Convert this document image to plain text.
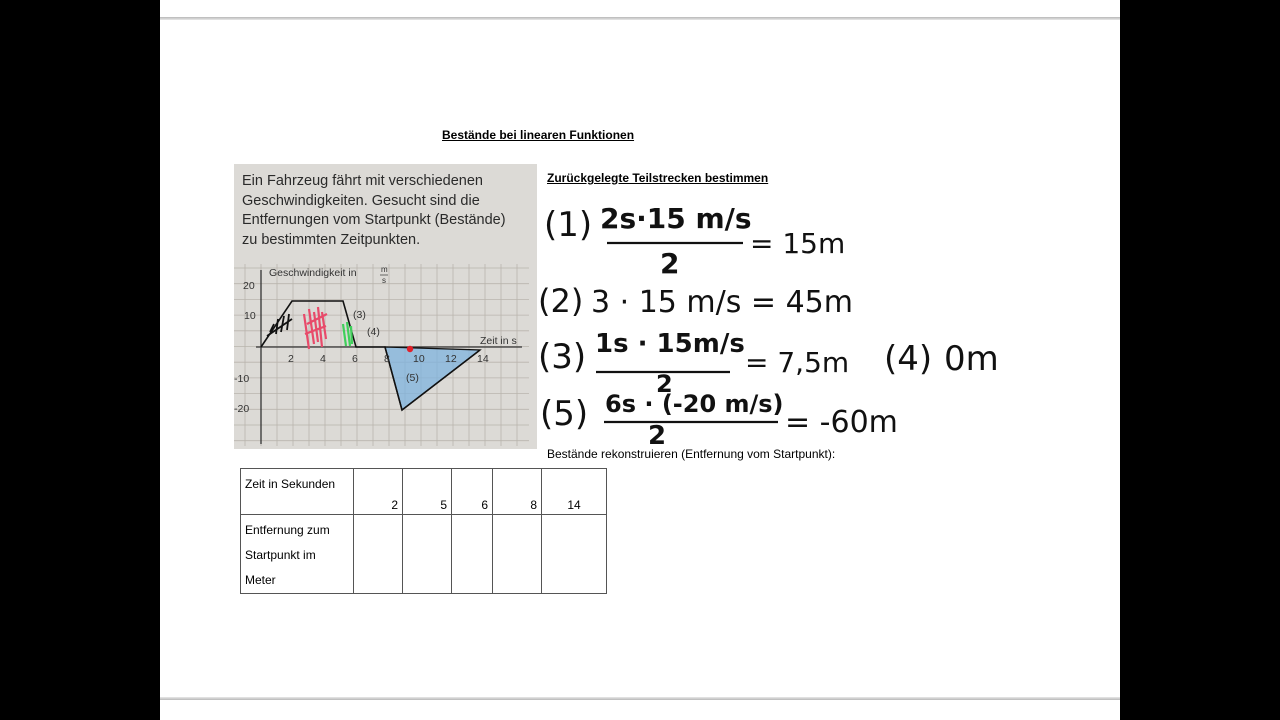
Bestände bei linearen Funktionen
Ein Fahrzeug fährt mit verschiedenen
Geschwindigkeiten. Gesucht sind die
Entfernungen vom Startpunkt (Bestände)
zu bestimmten Zeitpunkten.
Geschwindigkeit in	m
s
Zeit in s
20
10
-10
-20
2 4 6 8 10 12 14
(3)
(4)
(5)
Zurückgelegte Teilstrecken bestimmen
(1) 2s·15 m/s
2
= 15m
(2) 3 · 15 m/s = 45m
(3) 1s · 15m/s
2
= 7,5m (4) 0m
(5) 6s · (-20 m/s)
2	= -60m
Bestände rekonstruieren (Entfernung vom Startpunkt):
Zeit in Sekunden	2	5	6	8	14

Entfernung zum
Startpunkt im
Meter					
